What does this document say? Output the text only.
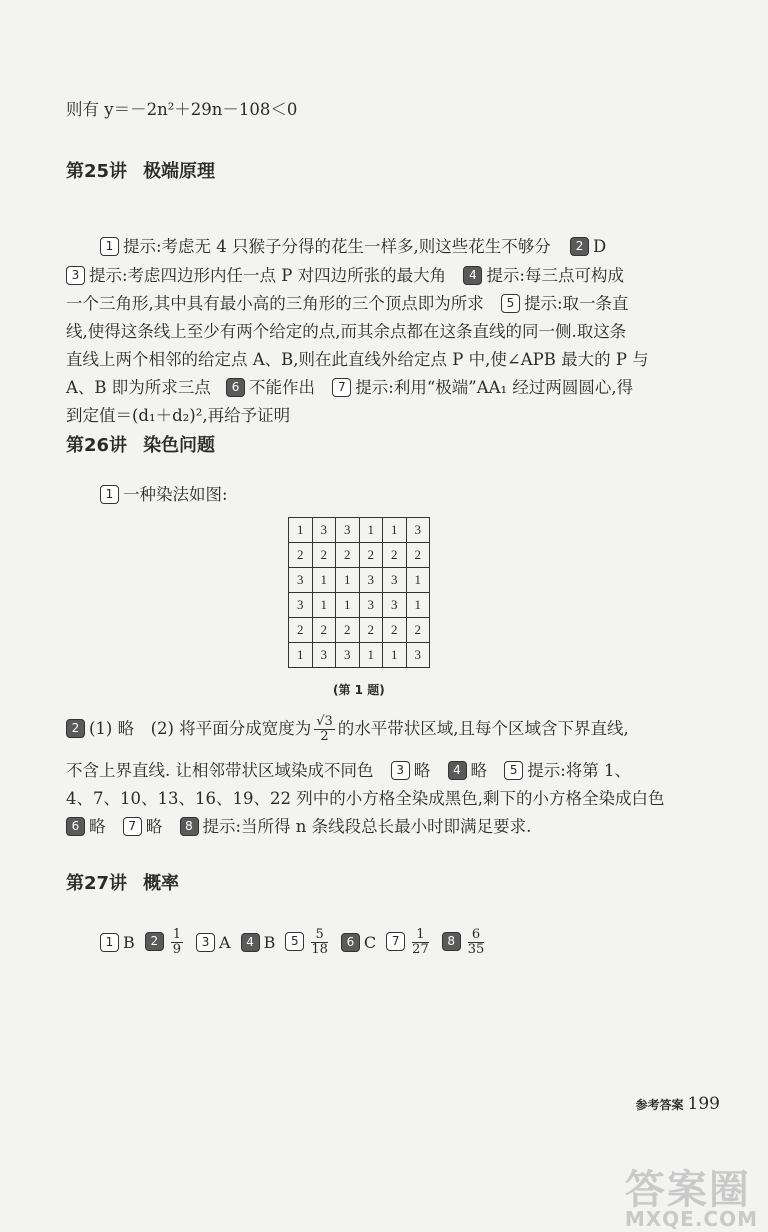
则有 y＝－2n²＋29n－108＜0
第25讲 极端原理
1 提示:考虑无 4 只猴子分得的花生一样多,则这些花生不够分 2 D
3 提示:考虑四边形内任一点 P 对四边所张的最大角 4 提示:每三点可构成
一个三角形,其中具有最小高的三角形的三个顶点即为所求 5 提示:取一条直
线,使得这条线上至少有两个给定的点,而其余点都在这条直线的同一侧.取这条
直线上两个相邻的给定点 A、B,则在此直线外给定点 P 中,使∠APB 最大的 P 与
A、B 即为所求三点 6 不能作出 7 提示:利用“极端”AA₁ 经过两圆圆心,得
到定值＝(d₁＋d₂)²,再给予证明
第26讲 染色问题
1 一种染法如图:
1	3	3	1	1	3
2	2	2	2	2	2
3	1	1	3	3	1
3	1	1	3	3	1
2	2	2	2	2	2
1	3	3	1	1	3
(第 1 题)
2 (1) 略　(2) 将平面分成宽度为 $\frac{√3}{2}$ 的水平带状区域,且每个区域含下界直线,
不含上界直线. 让相邻带状区域染成不同色 3 略 4 略 5 提示:将第 1、
4、7、10、13、16、19、22 列中的小方格全染成黑色,剩下的小方格全染成白色
6 略 7 略 8 提示:当所得 n 条线段总长最小时即满足要求.
第27讲 概率
1 B $2 \frac{1}{9} 3$ A 4 B $5 \frac{5}{18} 6$ C $7 \frac{1}{27} 8 \frac{6}{35}$
参考答案 199
答案圈
MXQE.COM
